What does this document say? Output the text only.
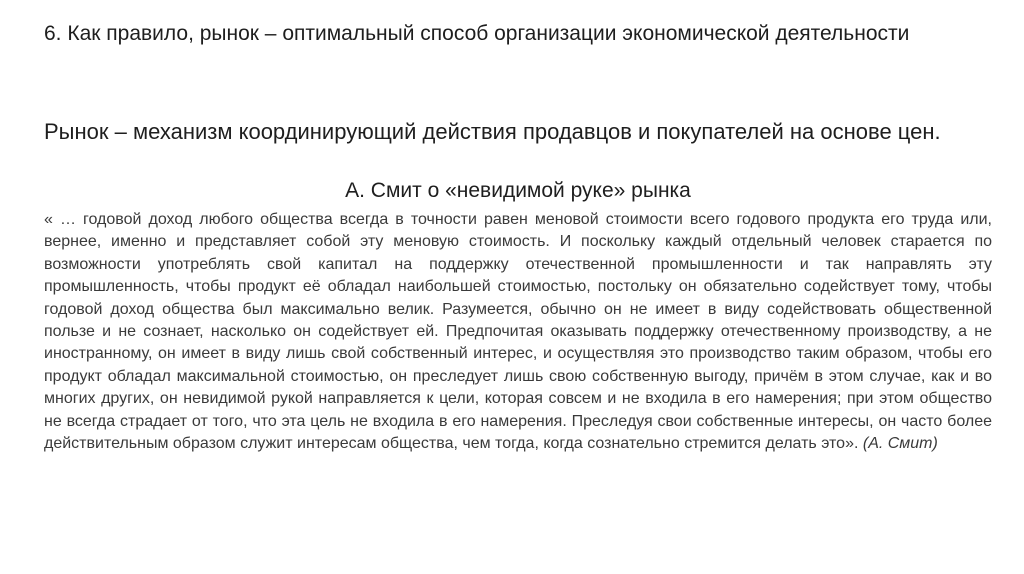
6. Как правило, рынок – оптимальный способ организации экономической деятельности

Рынок – механизм координирующий действия продавцов и покупателей на основе цен.

А. Смит о «невидимой руке» рынка

« … годовой доход любого общества всегда в точности равен меновой стоимости всего годового продукта его труда или, вернее, именно и представляет собой эту меновую стоимость. И поскольку каждый отдельный человек старается по возможности употреблять свой капитал на поддержку отечественной промышленности и так направлять эту промышленность, чтобы продукт её обладал наибольшей стоимостью, постольку он обязательно содействует тому, чтобы годовой доход общества был максимально велик. Разумеется, обычно он не имеет в виду содействовать общественной пользе и не сознает, насколько он содействует ей. Предпочитая оказывать поддержку отечественному производству, а не иностранному, он имеет в виду лишь свой собственный интерес, и осуществляя это производство таким образом, чтобы его продукт обладал максимальной стоимостью, он преследует лишь свою собственную выгоду, причём в этом случае, как и во многих других, он невидимой рукой направляется к цели, которая совсем и не входила в его намерения; при этом общество не всегда страдает от того, что эта цель не входила в его намерения. Преследуя свои собственные интересы, он часто более действительным образом служит интересам общества, чем тогда, когда сознательно стремится делать это». (А. Смит)
